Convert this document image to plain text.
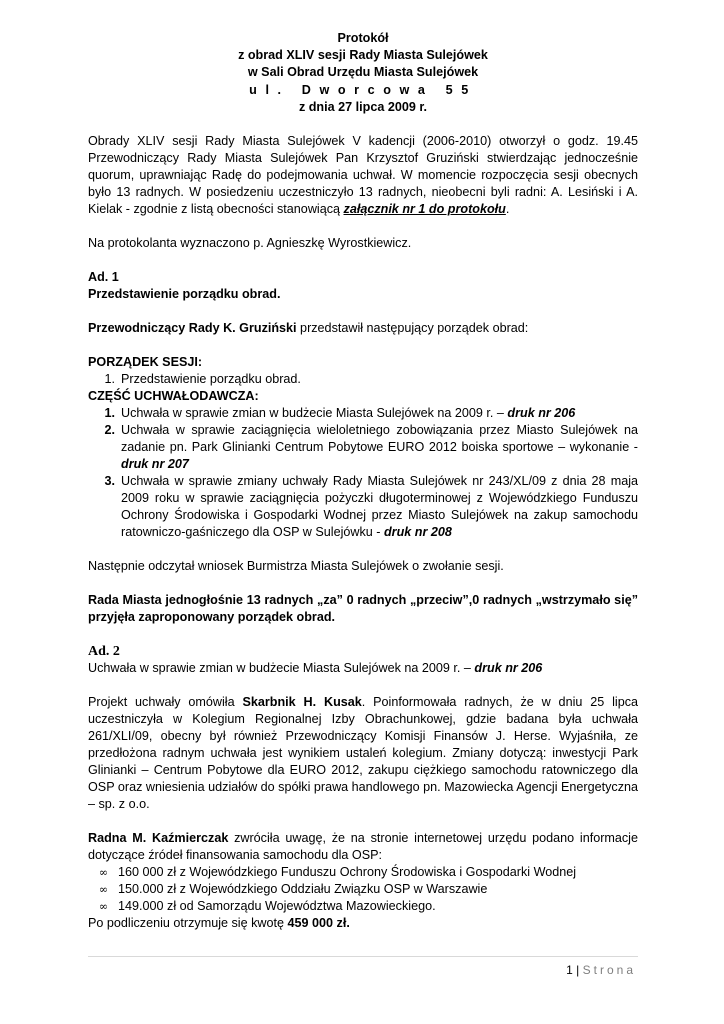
Protokół
z obrad XLIV sesji Rady Miasta Sulejówek
w Sali Obrad Urzędu Miasta Sulejówek
ul. Dworcowa 55
z dnia 27 lipca 2009 r.

Obrady XLIV sesji Rady Miasta Sulejówek V kadencji (2006-2010) otworzył o godz. 19.45 Przewodniczący Rady Miasta Sulejówek Pan Krzysztof Gruziński stwierdzając jednocześnie quorum, uprawniając Radę do podejmowania uchwał. W momencie rozpoczęcia sesji obecnych było 13 radnych. W posiedzeniu uczestniczyło 13 radnych, nieobecni byli radni: A. Lesiński i A. Kielak - zgodnie z listą obecności stanowiącą załącznik nr 1 do protokołu.

Na protokolanta wyznaczono p. Agnieszkę Wyrostkiewicz.

Ad. 1

Przedstawienie porządku obrad.

Przewodniczący Rady K. Gruziński przedstawił następujący porządek obrad:

PORZĄDEK SESJI:

1. Przedstawienie porządku obrad.

CZĘŚĆ UCHWAŁODAWCZA:

1. Uchwała w sprawie zmian w budżecie Miasta Sulejówek na 2009 r. – druk nr 206
2. Uchwała w sprawie zaciągnięcia wieloletniego zobowiązania przez Miasto Sulejówek na zadanie pn. Park Glinianki Centrum Pobytowe EURO 2012 boiska sportowe – wykonanie - druk nr 207
3. Uchwała w sprawie zmiany uchwały Rady Miasta Sulejówek nr 243/XL/09 z dnia 28 maja 2009 roku w sprawie zaciągnięcia pożyczki długoterminowej z Wojewódzkiego Funduszu Ochrony Środowiska i Gospodarki Wodnej przez Miasto Sulejówek na zakup samochodu ratowniczo-gaśniczego dla OSP w Sulejówku - druk nr 208

Następnie odczytał wniosek Burmistrza Miasta Sulejówek o zwołanie sesji.

Rada Miasta jednogłośnie 13 radnych „za” 0 radnych „przeciw”,0 radnych „wstrzymało się” przyjęła zaproponowany porządek obrad.

Ad. 2

Uchwała w sprawie zmian w budżecie Miasta Sulejówek na 2009 r. – druk nr 206

Projekt uchwały omówiła Skarbnik H. Kusak. Poinformowała radnych, że w dniu 25 lipca uczestniczyła w Kolegium Regionalnej Izby Obrachunkowej, gdzie badana była uchwała 261/XLI/09, obecny był również Przewodniczący Komisji Finansów J. Herse. Wyjaśniła, ze przedłożona radnym uchwała jest wynikiem ustaleń kolegium. Zmiany dotyczą: inwestycji Park Glinianki – Centrum Pobytowe dla EURO 2012, zakupu ciężkiego samochodu ratowniczego dla OSP oraz wniesienia udziałów do spółki prawa handlowego pn. Mazowiecka Agencji Energetyczna – sp. z o.o.

Radna M. Kaźmierczak zwróciła uwagę, że na stronie internetowej urzędu podano informacje dotyczące źródeł finansowania samochodu dla OSP:

∞ 160 000 zł z Wojewódzkiego Funduszu Ochrony Środowiska i Gospodarki Wodnej
∞ 150.000 zł z Wojewódzkiego Oddziału Związku OSP w Warszawie
∞ 149.000 zł od Samorządu Województwa Mazowieckiego.

Po podliczeniu otrzymuje się kwotę 459 000 zł.

1 | Strona
